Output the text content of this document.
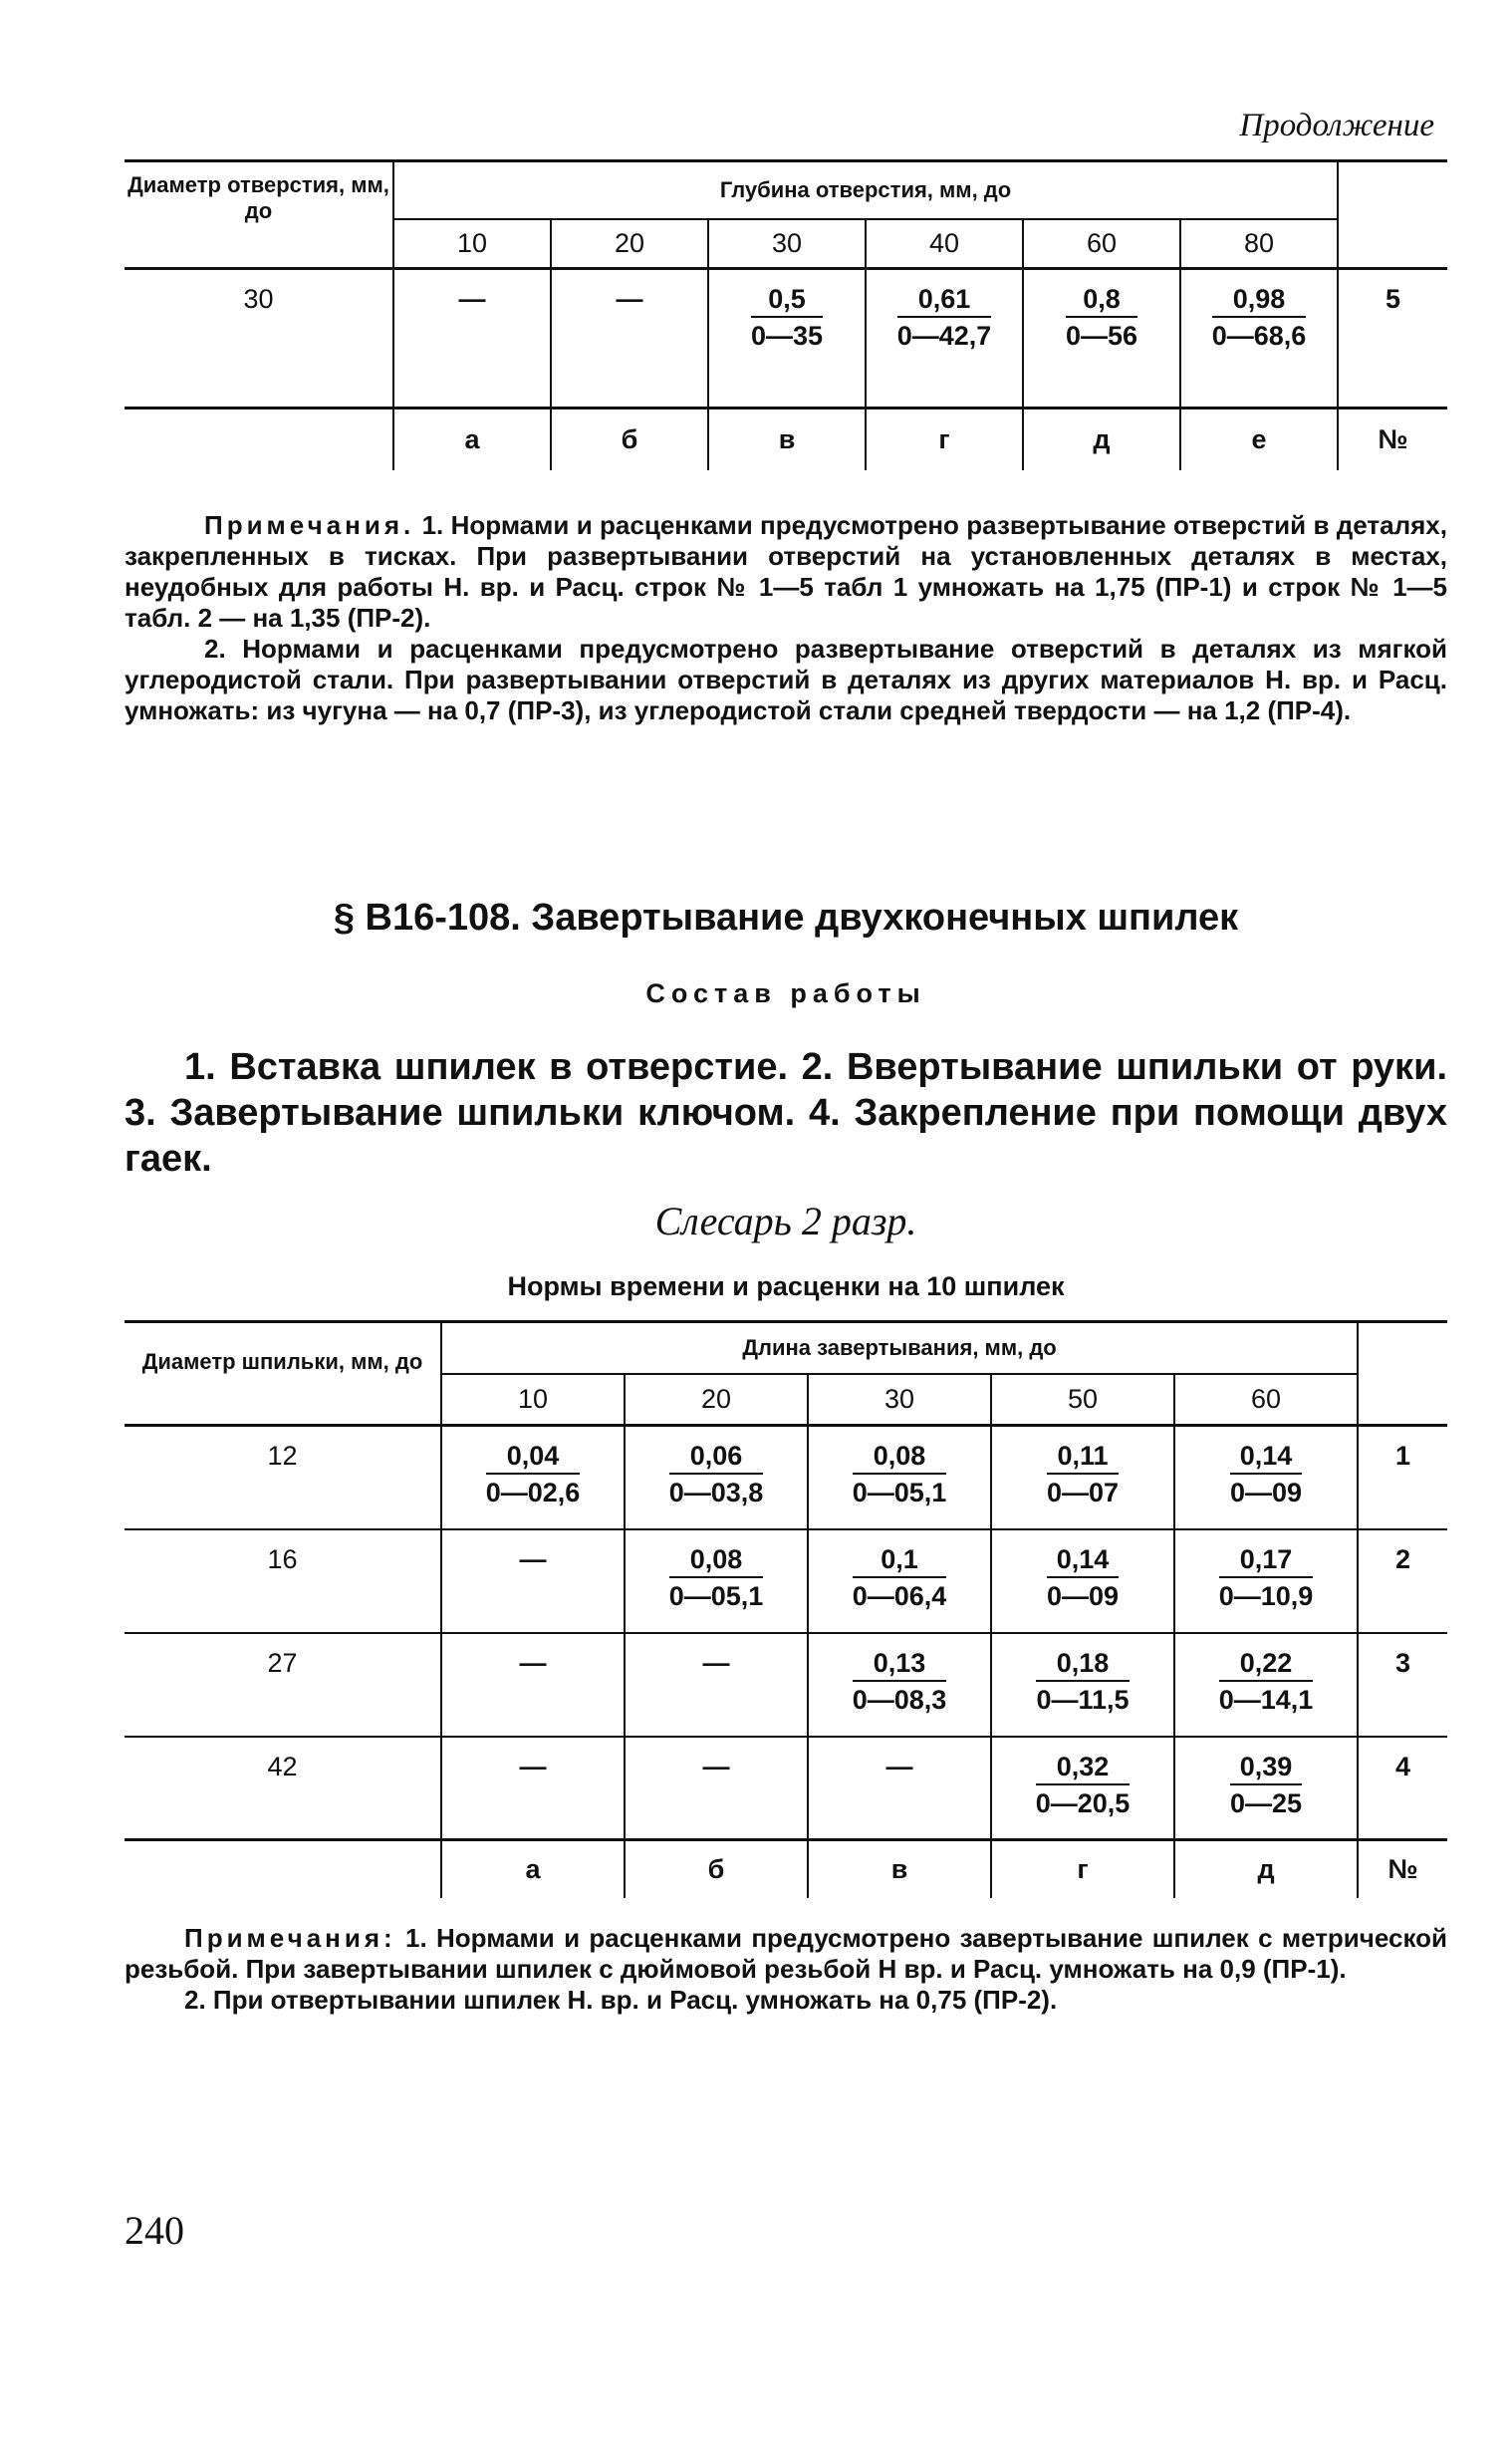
Продолжение
Диаметр отверстия, мм, до	Глубина отверстия, мм, до						
	10	20	30	40	60	80	
30	—	—	$\frac{0,5}{0—35}$	$\frac{0,61}{0—42,7}$	$\frac{0,8}{0—56}$	$\frac{0,98}{0—68,6}$	5
	а	б	в	г	д	е	№
Примечания. 1. Нормами и расценками предусмотрено развертывание отверстий в деталях, закрепленных в тисках. При развертывании отверстий на установленных деталях в местах, неудобных для работы Н. вр. и Расц. строк № 1—5 табл 1 умножать на 1,75 (ПР-1) и строк № 1—5 табл. 2 — на 1,35 (ПР-2).
2. Нормами и расценками предусмотрено развертывание отверстий в деталях из мягкой углеродистой стали. При развертывании отверстий в деталях из других материалов Н. вр. и Расц. умножать: из чугуна — на 0,7 (ПР-3), из углеродистой стали средней твердости — на 1,2 (ПР-4).
§ В16-108. Завертывание двухконечных шпилек
Состав работы
1. Вставка шпилек в отверстие. 2. Ввертывание шпильки от руки. 3. Завертывание шпильки ключом. 4. Закрепление при помощи двух гаек.
Слесарь 2 разр.
Нормы времени и расценки на 10 шпилек
Диаметр шпильки, мм, до	Длина завертывания, мм, до					
	10	20	30	50	60	
12	$\frac{0,04}{0—02,6}$	$\frac{0,06}{0—03,8}$	$\frac{0,08}{0—05,1}$	$\frac{0,11}{0—07}$	$\frac{0,14}{0—09}$	1
16	—	$\frac{0,08}{0—05,1}$	$\frac{0,1}{0—06,4}$	$\frac{0,14}{0—09}$	$\frac{0,17}{0—10,9}$	2
27	—	—	$\frac{0,13}{0—08,3}$	$\frac{0,18}{0—11,5}$	$\frac{0,22}{0—14,1}$	3
42	—	—	—	$\frac{0,32}{0—20,5}$	$\frac{0,39}{0—25}$	4
	а	б	в	г	д	№
Примечания: 1. Нормами и расценками предусмотрено завертывание шпилек с метрической резьбой. При завертывании шпилек с дюймовой резьбой Н вр. и Расц. умножать на 0,9 (ПР-1).
2. При отвертывании шпилек Н. вр. и Расц. умножать на 0,75 (ПР-2).
240
